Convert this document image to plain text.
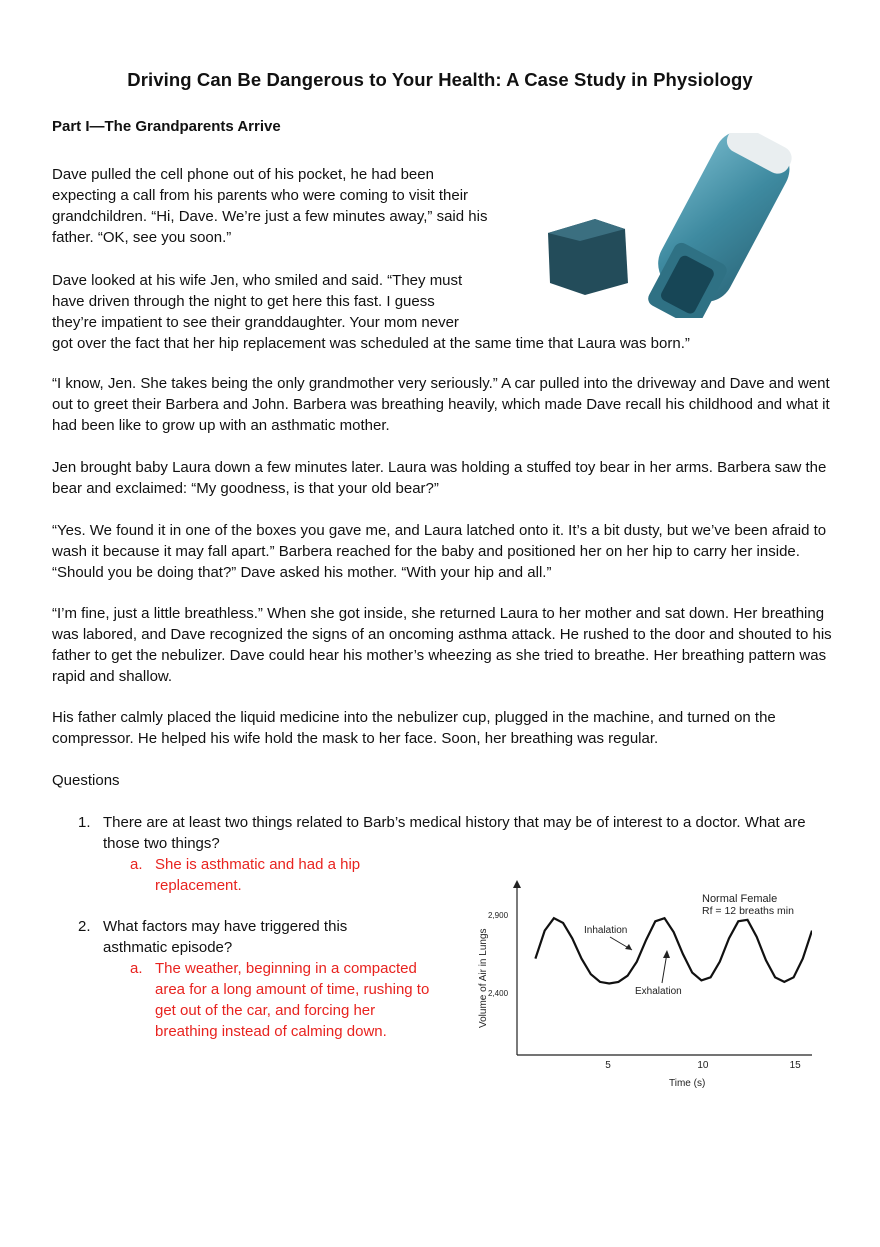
Driving Can Be Dangerous to Your Health: A Case Study in Physiology
Part I—The Grandparents Arrive
Dave pulled the cell phone out of his pocket, he had been expecting a call from his parents who were coming to visit their grandchildren. “Hi, Dave. We’re just a few minutes away,” said his father. “OK, see you soon.”
Dave looked at his wife Jen, who smiled and said. “They must
have driven through the night to get here this fast. I guess
they’re impatient to see their granddaughter. Your mom never
got over the fact that her hip replacement was scheduled at the same time that Laura was born.”
“I know, Jen. She takes being the only grandmother very seriously.” A car pulled into the driveway and Dave and went out to greet their Barbera and John. Barbera was breathing heavily, which made Dave recall his childhood and what it had been like to grow up with an asthmatic mother.
Jen brought baby Laura down a few minutes later. Laura was holding a stuffed toy bear in her arms. Barbera saw the bear and exclaimed: “My goodness, is that your old bear?”
“Yes. We found it in one of the boxes you gave me, and Laura latched onto it. It’s a bit dusty, but we’ve been afraid to wash it because it may fall apart.” Barbera reached for the baby and positioned her on her hip to carry her inside. “Should you be doing that?” Dave asked his mother. “With your hip and all.”
“I’m fine, just a little breathless.” When she got inside, she returned Laura to her mother and sat down. Her breathing was labored, and Dave recognized the signs of an oncoming asthma attack. He rushed to the door and shouted to his father to get the nebulizer. Dave could hear his mother’s wheezing as she tried to breathe. Her breathing pattern was rapid and shallow.
His father calmly placed the liquid medicine into the nebulizer cup, plugged in the machine, and turned on the compressor. He helped his wife hold the mask to her face. Soon, her breathing was regular.
Questions
1. There are at least two things related to Barb’s medical history that may be of interest to a doctor. What are those two things?
a. She is asthmatic and had a hip replacement.
2. What factors may have triggered this asthmatic episode?
a. The weather, beginning in a compacted area for a long amount of time, rushing to get out of the car, and forcing her breathing instead of calming down.
Normal Female
Rf = 12 breaths min
Volume of Air in Lungs
Time (s)
5	10	15
2,900
2,400
Inhalation
Exhalation
